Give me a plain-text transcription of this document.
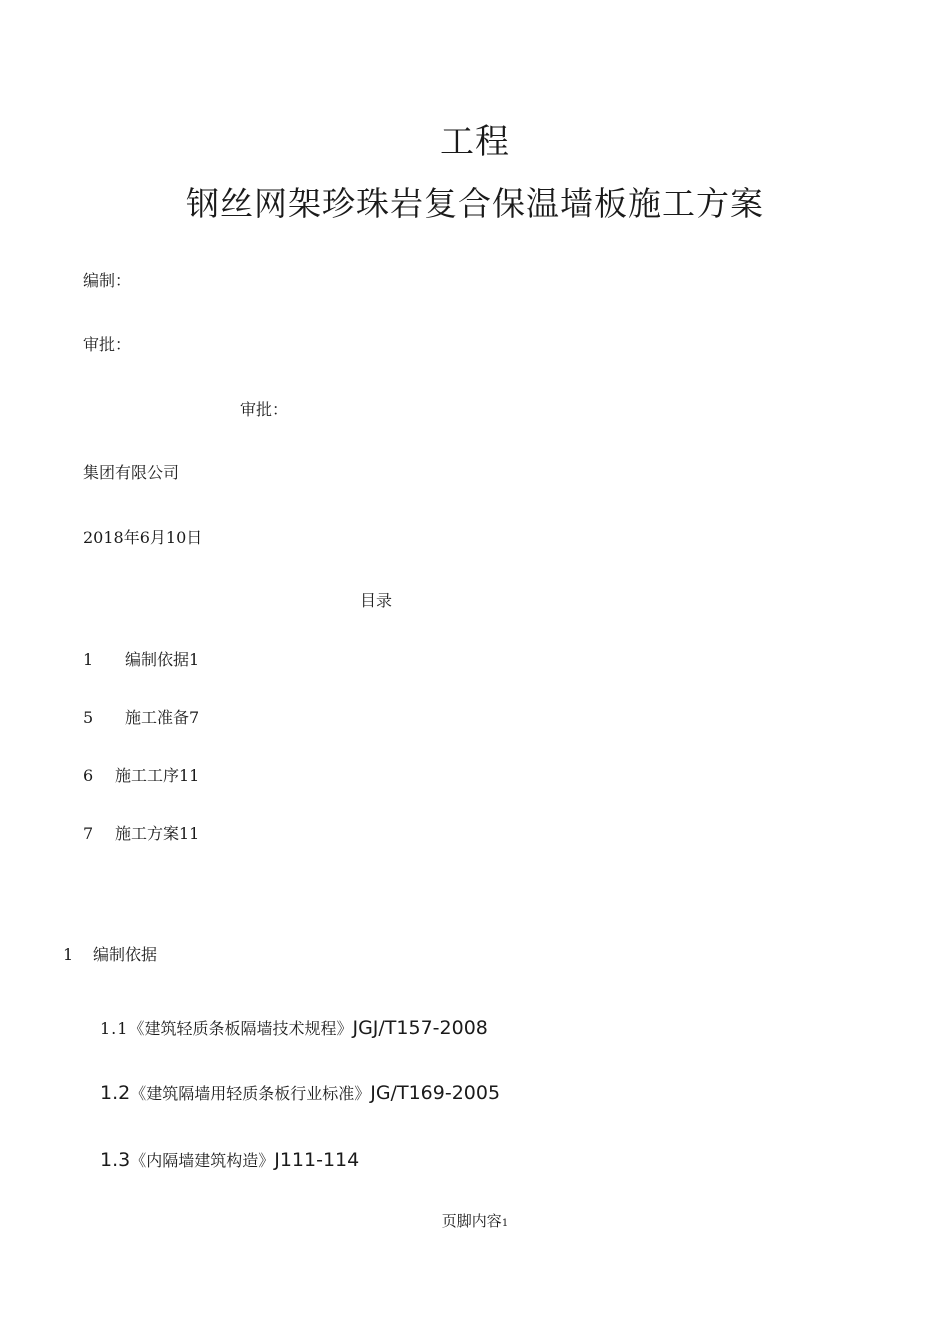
工程
钢丝网架珍珠岩复合保温墙板施工方案
编制：
审批：
审批：
集团有限公司
2018年6月10日
目录
1 编制依据1
5 施工准备7
6 施工工序11
7 施工方案11
1 编制依据
1.1《建筑轻质条板隔墙技术规程》JGJ/T157-2008
1.2《建筑隔墙用轻质条板行业标准》JG/T169-2005
1.3《内隔墙建筑构造》J111-114
页脚内容1
